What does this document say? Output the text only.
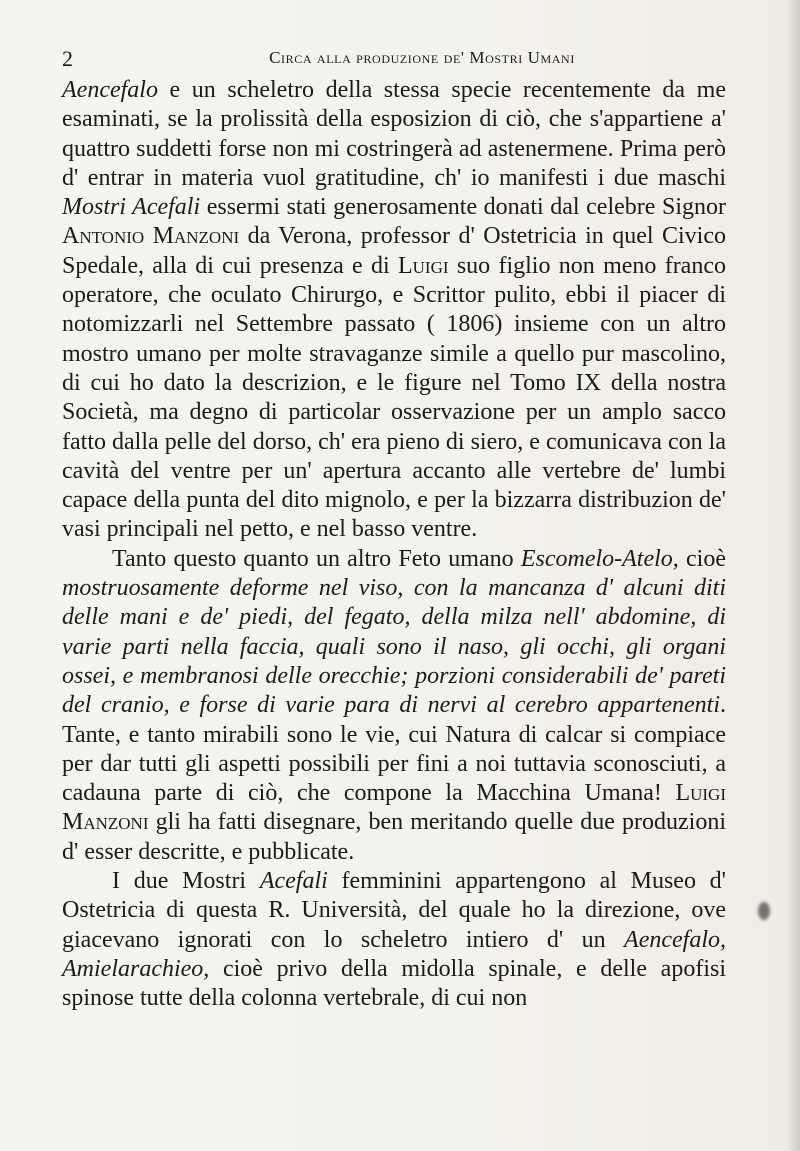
2	Circa alla produzione de' Mostri Umani

Aencefalo e un scheletro della stessa specie recentemente da me esaminati, se la prolissità della esposizion di ciò, che s'appartiene a' quattro suddetti forse non mi costringerà ad astenermene. Prima però d' entrar in materia vuol gratitudine, ch' io manifesti i due maschi Mostri Acefali essermi stati generosamente donati dal celebre Signor Antonio Manzoni da Verona, professor d' Ostetricia in quel Civico Spedale, alla di cui presenza e di Luigi suo figlio non meno franco operatore, che oculato Chirurgo, e Scrittor pulito, ebbi il piacer di notomizzarli nel Settembre passato ( 1806) insieme con un altro mostro umano per molte stravaganze simile a quello pur mascolino, di cui ho dato la descrizion, e le figure nel Tomo IX della nostra Società, ma degno di particolar osservazione per un amplo sacco fatto dalla pelle del dorso, ch' era pieno di siero, e comunicava con la cavità del ventre per un' apertura accanto alle vertebre de' lumbi capace della punta del dito mignolo, e per la bizzarra distribuzion de' vasi principali nel petto, e nel basso ventre.

Tanto questo quanto un altro Feto umano Escomelo-Atelo, cioè mostruosamente deforme nel viso, con la mancanza d' alcuni diti delle mani e de' piedi, del fegato, della milza nell' abdomine, di varie parti nella faccia, quali sono il naso, gli occhi, gli organi ossei, e membranosi delle orecchie; porzioni considerabili de' pareti del cranio, e forse di varie para di nervi al cerebro appartenenti. Tante, e tanto mirabili sono le vie, cui Natura di calcar si compiace per dar tutti gli aspetti possibili per fini a noi tuttavia sconosciuti, a cadauna parte di ciò, che compone la Macchina Umana! Luigi Manzoni gli ha fatti disegnare, ben meritando quelle due produzioni d' esser descritte, e pubblicate.

I due Mostri Acefali femminini appartengono al Museo d' Ostetricia di questa R. Università, del quale ho la direzione, ove giacevano ignorati con lo scheletro intiero d' un Aencefalo, Amielarachieo, cioè privo della midolla spinale, e delle apofisi spinose tutte della colonna vertebrale, di cui non
